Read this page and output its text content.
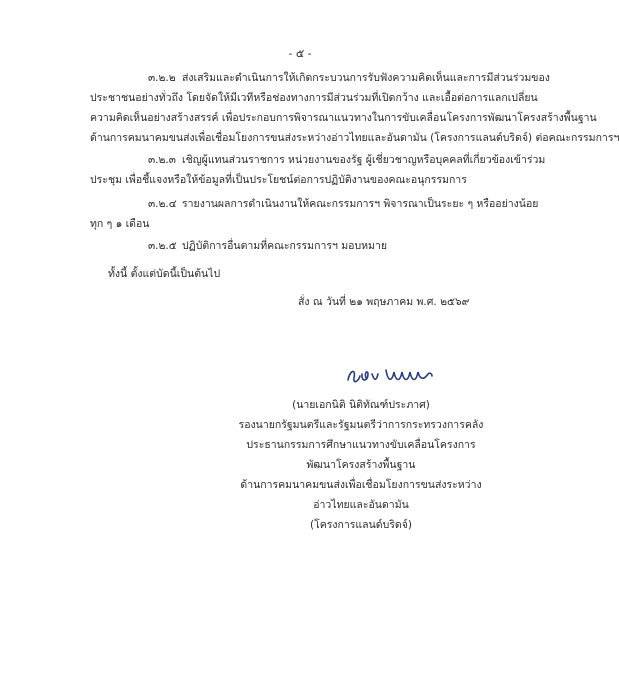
- ๕ -
๓.๒.๒ ส่งเสริมและดำเนินการให้เกิดกระบวนการรับฟังความคิดเห็นและการมีส่วนร่วมของ
ประชาชนอย่างทั่วถึง โดยจัดให้มีเวทีหรือช่องทางการมีส่วนร่วมที่เปิดกว้าง และเอื้อต่อการแลกเปลี่ยน
ความคิดเห็นอย่างสร้างสรรค์ เพื่อประกอบการพิจารณาแนวทางในการขับเคลื่อนโครงการพัฒนาโครงสร้างพื้นฐาน
ด้านการคมนาคมขนส่งเพื่อเชื่อมโยงการขนส่งระหว่างอ่าวไทยและอันดามัน (โครงการแลนด์บริดจ์) ต่อคณะกรรมการฯ
๓.๒.๓ เชิญผู้แทนส่วนราชการ หน่วยงานของรัฐ ผู้เชี่ยวชาญหรือบุคคลที่เกี่ยวข้องเข้าร่วม
ประชุม เพื่อชี้แจงหรือให้ข้อมูลที่เป็นประโยชน์ต่อการปฏิบัติงานของคณะอนุกรรมการ
๓.๒.๔ รายงานผลการดำเนินงานให้คณะกรรมการฯ พิจารณาเป็นระยะ ๆ หรืออย่างน้อย
ทุก ๆ ๑ เดือน
๓.๒.๕ ปฏิบัติการอื่นตามที่คณะกรรมการฯ มอบหมาย
ทั้งนี้ ตั้งแต่บัดนี้เป็นต้นไป
สั่ง ณ วันที่ ๒๑ พฤษภาคม พ.ศ. ๒๕๖๙
(นายเอกนิติ นิติทัณฑ์ประภาศ)
รองนายกรัฐมนตรีและรัฐมนตรีว่าการกระทรวงการคลัง
ประธานกรรมการศึกษาแนวทางขับเคลื่อนโครงการพัฒนาโครงสร้างพื้นฐาน
ด้านการคมนาคมขนส่งเพื่อเชื่อมโยงการขนส่งระหว่างอ่าวไทยและอันดามัน
(โครงการแลนด์บริดจ์)
